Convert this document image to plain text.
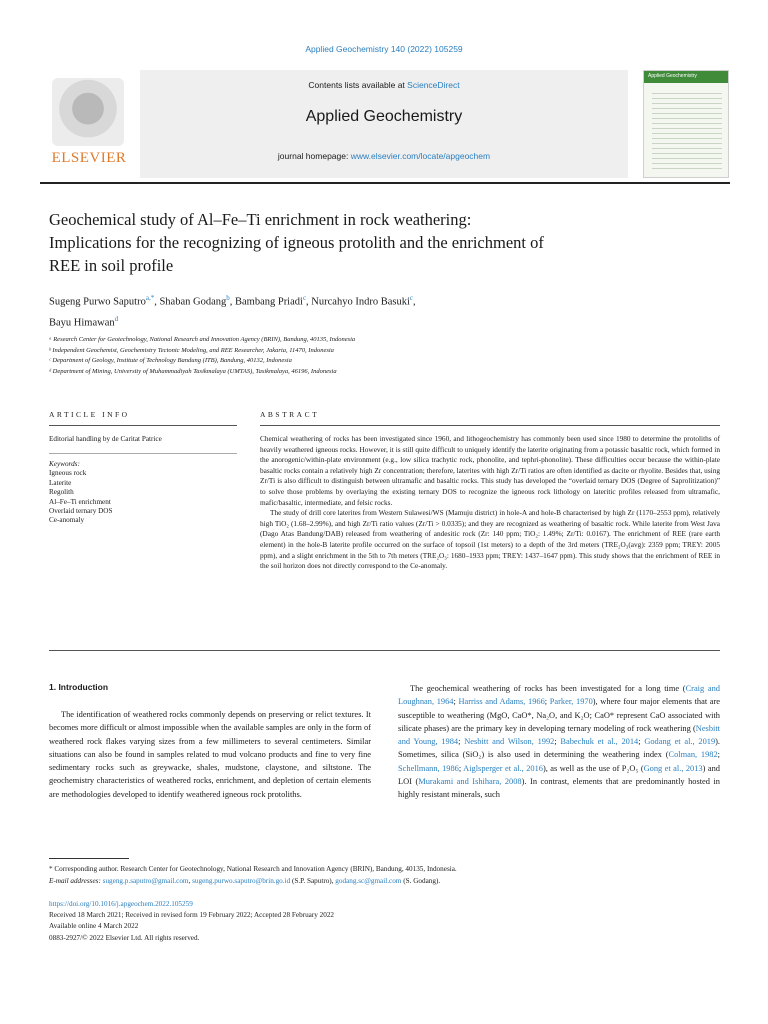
Applied Geochemistry 140 (2022) 105259
ELSEVIER
Contents lists available at ScienceDirect
Applied Geochemistry
journal homepage: www.elsevier.com/locate/apgeochem
Applied Geochemistry
Geochemical study of Al–Fe–Ti enrichment in rock weathering:
Implications for the recognizing of igneous protolith and the enrichment of
REE in soil profile
Sugeng Purwo Saputro$^{a,*}$, Shaban Godang$^b$, Bambang Priadi$^c$, Nurcahyo Indro Basuki$^c$,
Bayu Himawan$^d$
ᵃ Research Center for Geotechnology, National Research and Innovation Agency (BRIN), Bandung, 40135, Indonesia
ᵇ Independent Geochemist, Geochemistry Tectonic Modeling, and REE Researcher, Jakarta, 11470, Indonesia
ᶜ Department of Geology, Institute of Technology Bandung (ITB), Bandung, 40132, Indonesia
ᵈ Department of Mining, University of Muhammadiyah Tasikmalaya (UMTAS), Tasikmalaya, 46196, Indonesia
ARTICLE INFO	ABSTRACT
Editorial handling by de Caritat Patrice
Keywords:
Igneous rock
Laterite
Regolith
Al–Fe–Ti enrichment
Overlaid ternary DOS
Ce-anomaly

Chemical weathering of rocks has been investigated since 1960, and lithogeochemistry has commonly been used since 1980 to determine the protoliths of heavily weathered igneous rocks. However, it is still quite difficult to uniquely identify the laterite originating from a potassic basaltic rock, which formed in the anorogenic/within-plate environment (e.g., low silica trachytic rock, phonolite, and tephri-phonolite). These difficulties occur because the within-plate basaltic rocks contain a relatively high Zr concentration; therefore, laterites with high Zr/Ti ratios are often identified as dacite or rhyolite. Besides that, using Zr/Ti is also difficult to distinguish between ultramafic and basaltic rocks. This study has developed the “overlaid ternary DOS (Degree of Saprolitization)” to solve those problems by overlaying the existing ternary DOS to recognize the igneous rock lithology on lateritic profiles released from ultramafic, mafic/basaltic, intermediate, and felsic rocks.

The study of drill core laterites from Western Sulawesi/WS (Mamuju district) in hole-A and hole-B characterised by high Zr (1170–2553 ppm), relatively high TiO₂ (1.68–2.99%), and high Zr/Ti ratio values (Zr/Ti > 0.0335); and they are recognized as weathering of basaltic rock. While laterite from West Java (Dago Atas Bandung/DAB) released from weathering of andesitic rock (Zr: 140 ppm; TiO₂: 1.49%; Zr/Ti: 0.0167). The enrichment of REE (rare earth element) in the hole-B laterite profile occurred on the surface of topsoil (1st meters) to a depth of the 3rd meters (TRE₂O₃(avg): 2359 ppm; TREY: 2005 ppm), and a slight enrichment in the 5th to 7th meters (TRE₂O₃: 1680–1933 ppm; TREY: 1437–1647 ppm). This study shows that the enrichment of REE in the soil horizon does not directly correspond to the Ce-anomaly.

1. Introduction

The identification of weathered rocks commonly depends on preserving or relict textures. It becomes more difficult or almost impossible when the available samples are only in the form of weathered rock flakes varying sizes from a few millimeters to several centimeters. Similar situations can also be found in samples related to mud volcano products and fine to very fine sedimentary rocks such as greywacke, shales, mudstone, claystone, and siltstone. The geochemistry characteristics of weathered rocks, enrichment, and depletion of certain elements are methodologies developed to identify weathered igneous rock protoliths.

The geochemical weathering of rocks has been investigated for a long time (Craig and Loughnan, 1964; Harriss and Adams, 1966; Parker, 1970), where four major elements that are susceptible to weathering (MgO, CaO*, Na₂O, and K₂O; CaO* represent CaO associated with silicate phases) are the primary key in developing ternary modeling of rock weathering (Nesbitt and Young, 1984; Nesbitt and Wilson, 1992; Babechuk et al., 2014; Godang et al., 2019). Sometimes, silica (SiO₂) is also used in determining the weathering index (Colman, 1982; Schellmann, 1986; Aiglsperger et al., 2016), as well as the use of P₂O₅ (Gong et al., 2013) and LOI (Murakami and Ishihara, 2008). In contrast, elements that are predominantly hosted in highly resistant minerals, such

* Corresponding author. Research Center for Geotechnology, National Research and Innovation Agency (BRIN), Bandung, 40135, Indonesia.
E-mail addresses: sugeng.p.saputro@gmail.com, sugeng.purwo.saputro@brin.go.id (S.P. Saputro), godang.sc@gmail.com (S. Godang).
https://doi.org/10.1016/j.apgeochem.2022.105259
Received 18 March 2021; Received in revised form 19 February 2022; Accepted 28 February 2022
Available online 4 March 2022
0883-2927/© 2022 Elsevier Ltd. All rights reserved.
